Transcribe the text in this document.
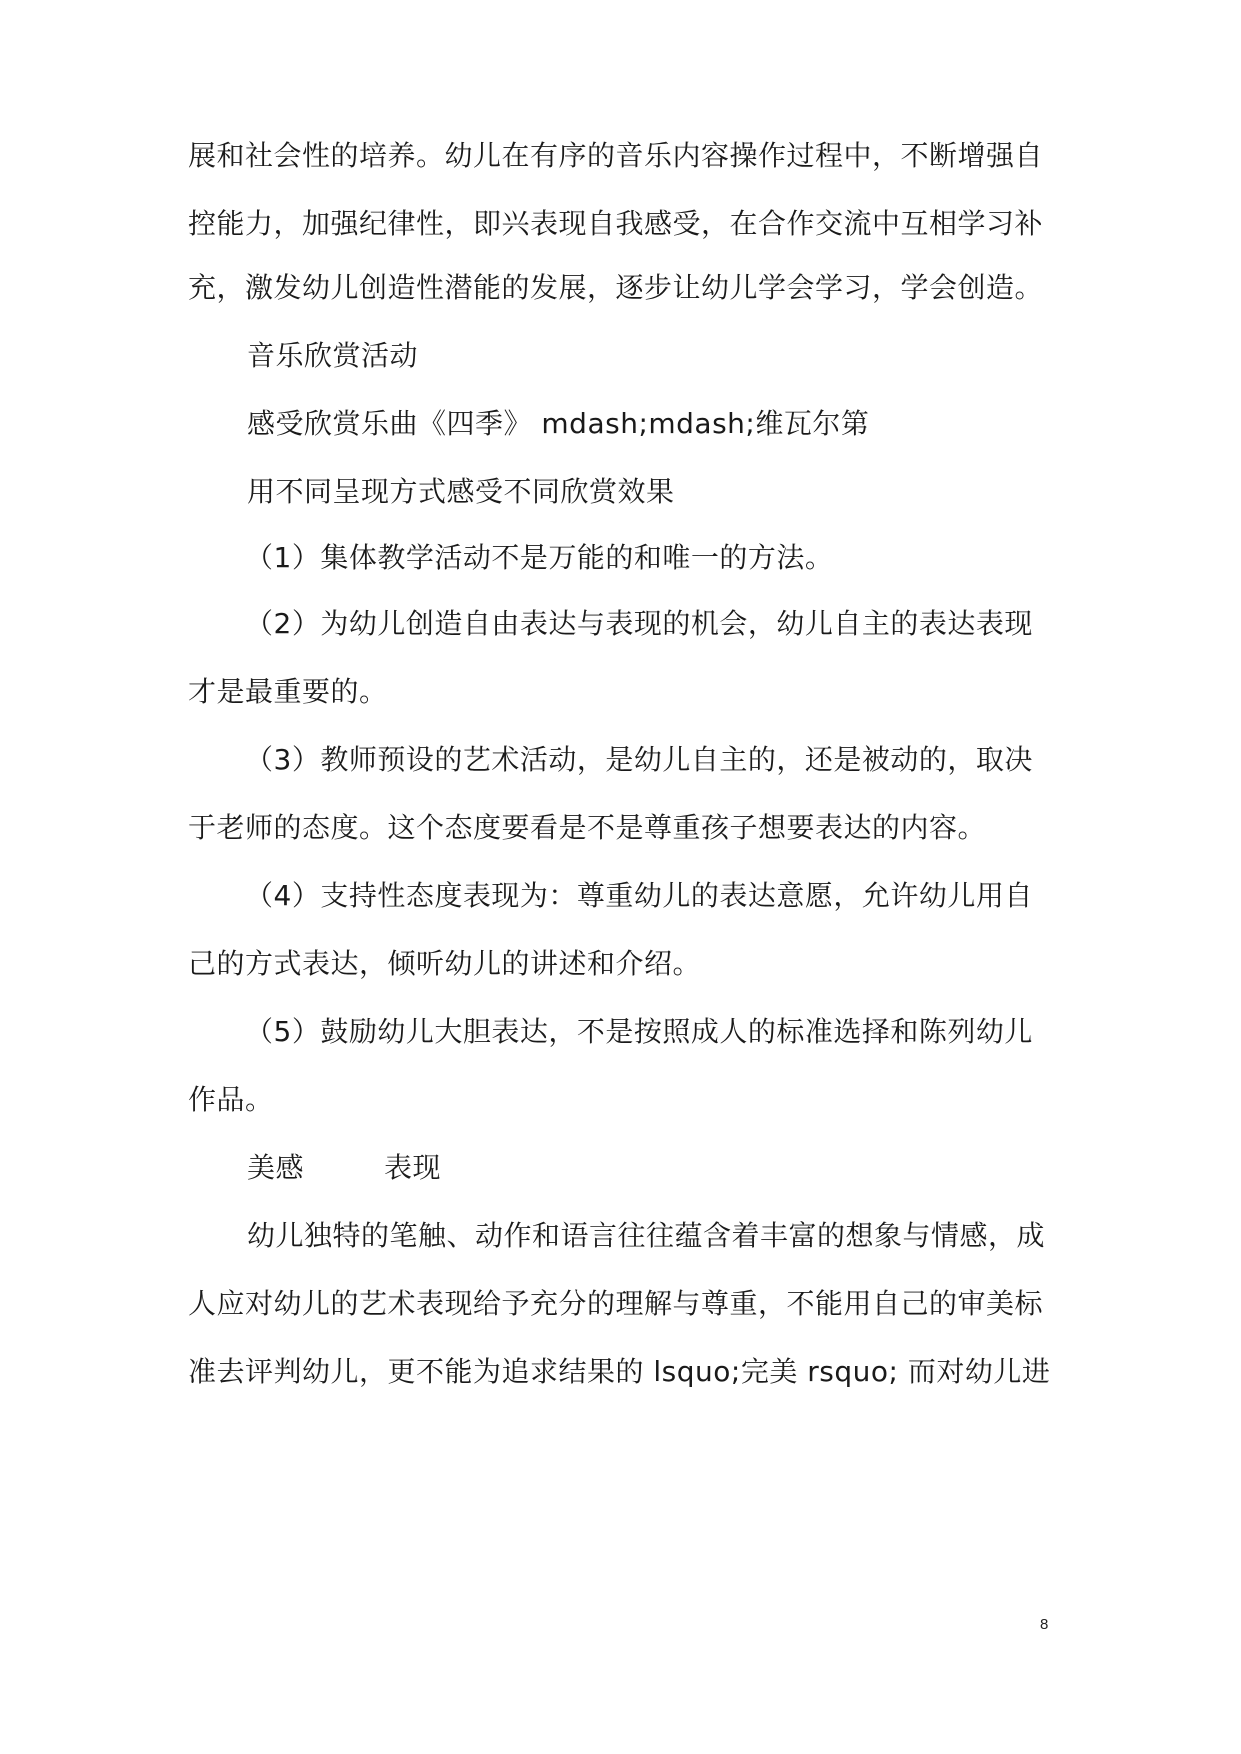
展和社会性的培养。幼儿在有序的音乐内容操作过程中，不断增强自
控能力，加强纪律性，即兴表现自我感受，在合作交流中互相学习补
充，激发幼儿创造性潜能的发展，逐步让幼儿学会学习，学会创造。
音乐欣赏活动
感受欣赏乐曲《四季》 mdash;mdash;维瓦尔第
用不同呈现方式感受不同欣赏效果
（1）集体教学活动不是万能的和唯一的方法。
（2）为幼儿创造自由表达与表现的机会，幼儿自主的表达表现
才是最重要的。
（3）教师预设的艺术活动，是幼儿自主的，还是被动的，取决
于老师的态度。这个态度要看是不是尊重孩子想要表达的内容。
（4）支持性态度表现为：尊重幼儿的表达意愿，允许幼儿用自
己的方式表达，倾听幼儿的讲述和介绍。
（5）鼓励幼儿大胆表达，不是按照成人的标准选择和陈列幼儿
作品。
美感	表现
幼儿独特的笔触、动作和语言往往蕴含着丰富的想象与情感，成
人应对幼儿的艺术表现给予充分的理解与尊重，不能用自己的审美标
准去评判幼儿，更不能为追求结果的 lsquo;完美 rsquo; 而对幼儿进
8
